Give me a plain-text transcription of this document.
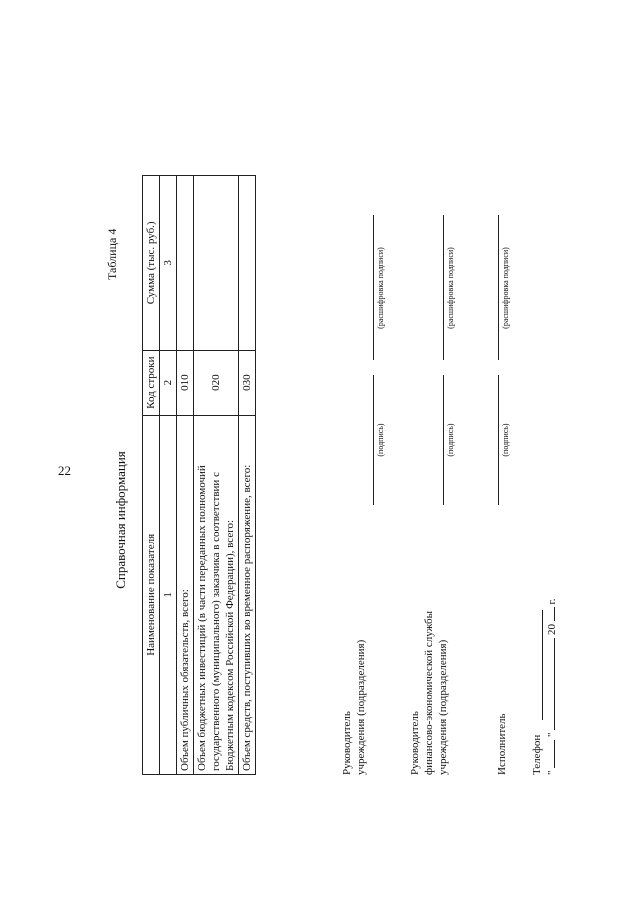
22
Таблица 4
Справочная информация
Наименование показателя	Код строки	Сумма (тыс. руб.)
1	2	3
Объем публичных обязательств, всего:	010	
Объем бюджетных инвестиций (в части переданных полномочий государственного (муниципального) заказчика в соответствии с Бюджетным кодексом Российской Федерации), всего:	020	
Объем средств, поступивших во временное распоряжение, всего:	030	
Руководитель учреждения (подразделения)
(подпись)
(расшифровка подписи)
Руководитель финансово-экономической службы учреждения (подразделения)
(подпись)
(расшифровка подписи)
Исполнитель
(подпись)
(расшифровка подписи)
Телефон "  "  20  г.
